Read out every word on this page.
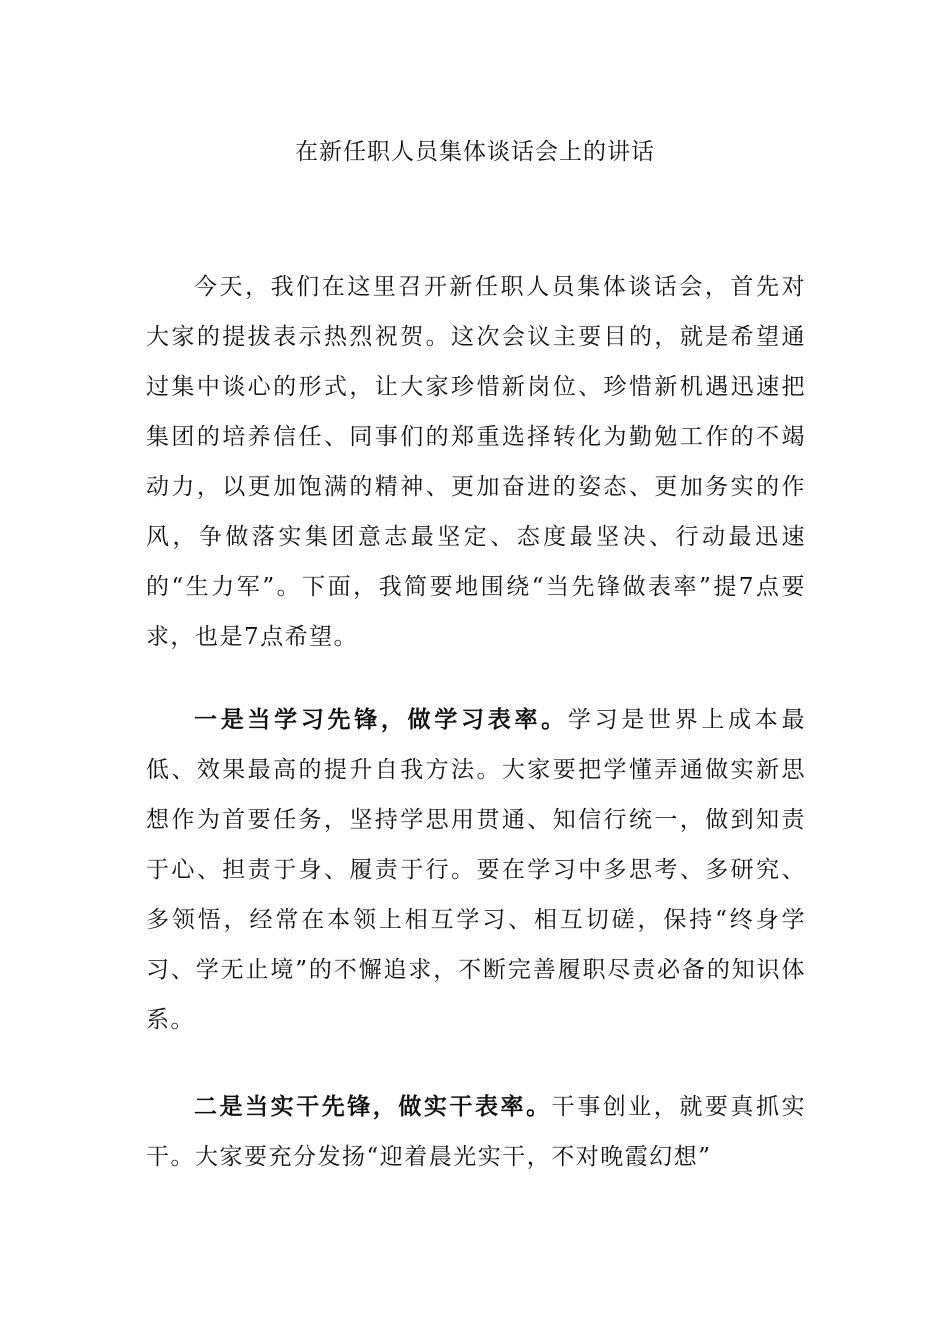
在新任职人员集体谈话会上的讲话

今天，我们在这里召开新任职人员集体谈话会，首先对大家的提拔表示热烈祝贺。这次会议主要目的，就是希望通过集中谈心的形式，让大家珍惜新岗位、珍惜新机遇迅速把集团的培养信任、同事们的郑重选择转化为勤勉工作的不竭动力，以更加饱满的精神、更加奋进的姿态、更加务实的作风，争做落实集团意志最坚定、态度最坚决、行动最迅速的“生力军”。下面，我简要地围绕“当先锋做表率”提7点要求，也是7点希望。

一是当学习先锋，做学习表率。学习是世界上成本最低、效果最高的提升自我方法。大家要把学懂弄通做实新思想作为首要任务，坚持学思用贯通、知信行统一，做到知责于心、担责于身、履责于行。要在学习中多思考、多研究、多领悟，经常在本领上相互学习、相互切磋，保持“终身学习、学无止境”的不懈追求，不断完善履职尽责必备的知识体系。

二是当实干先锋，做实干表率。干事创业，就要真抓实干。大家要充分发扬“迎着晨光实干，不对晚霞幻想”
